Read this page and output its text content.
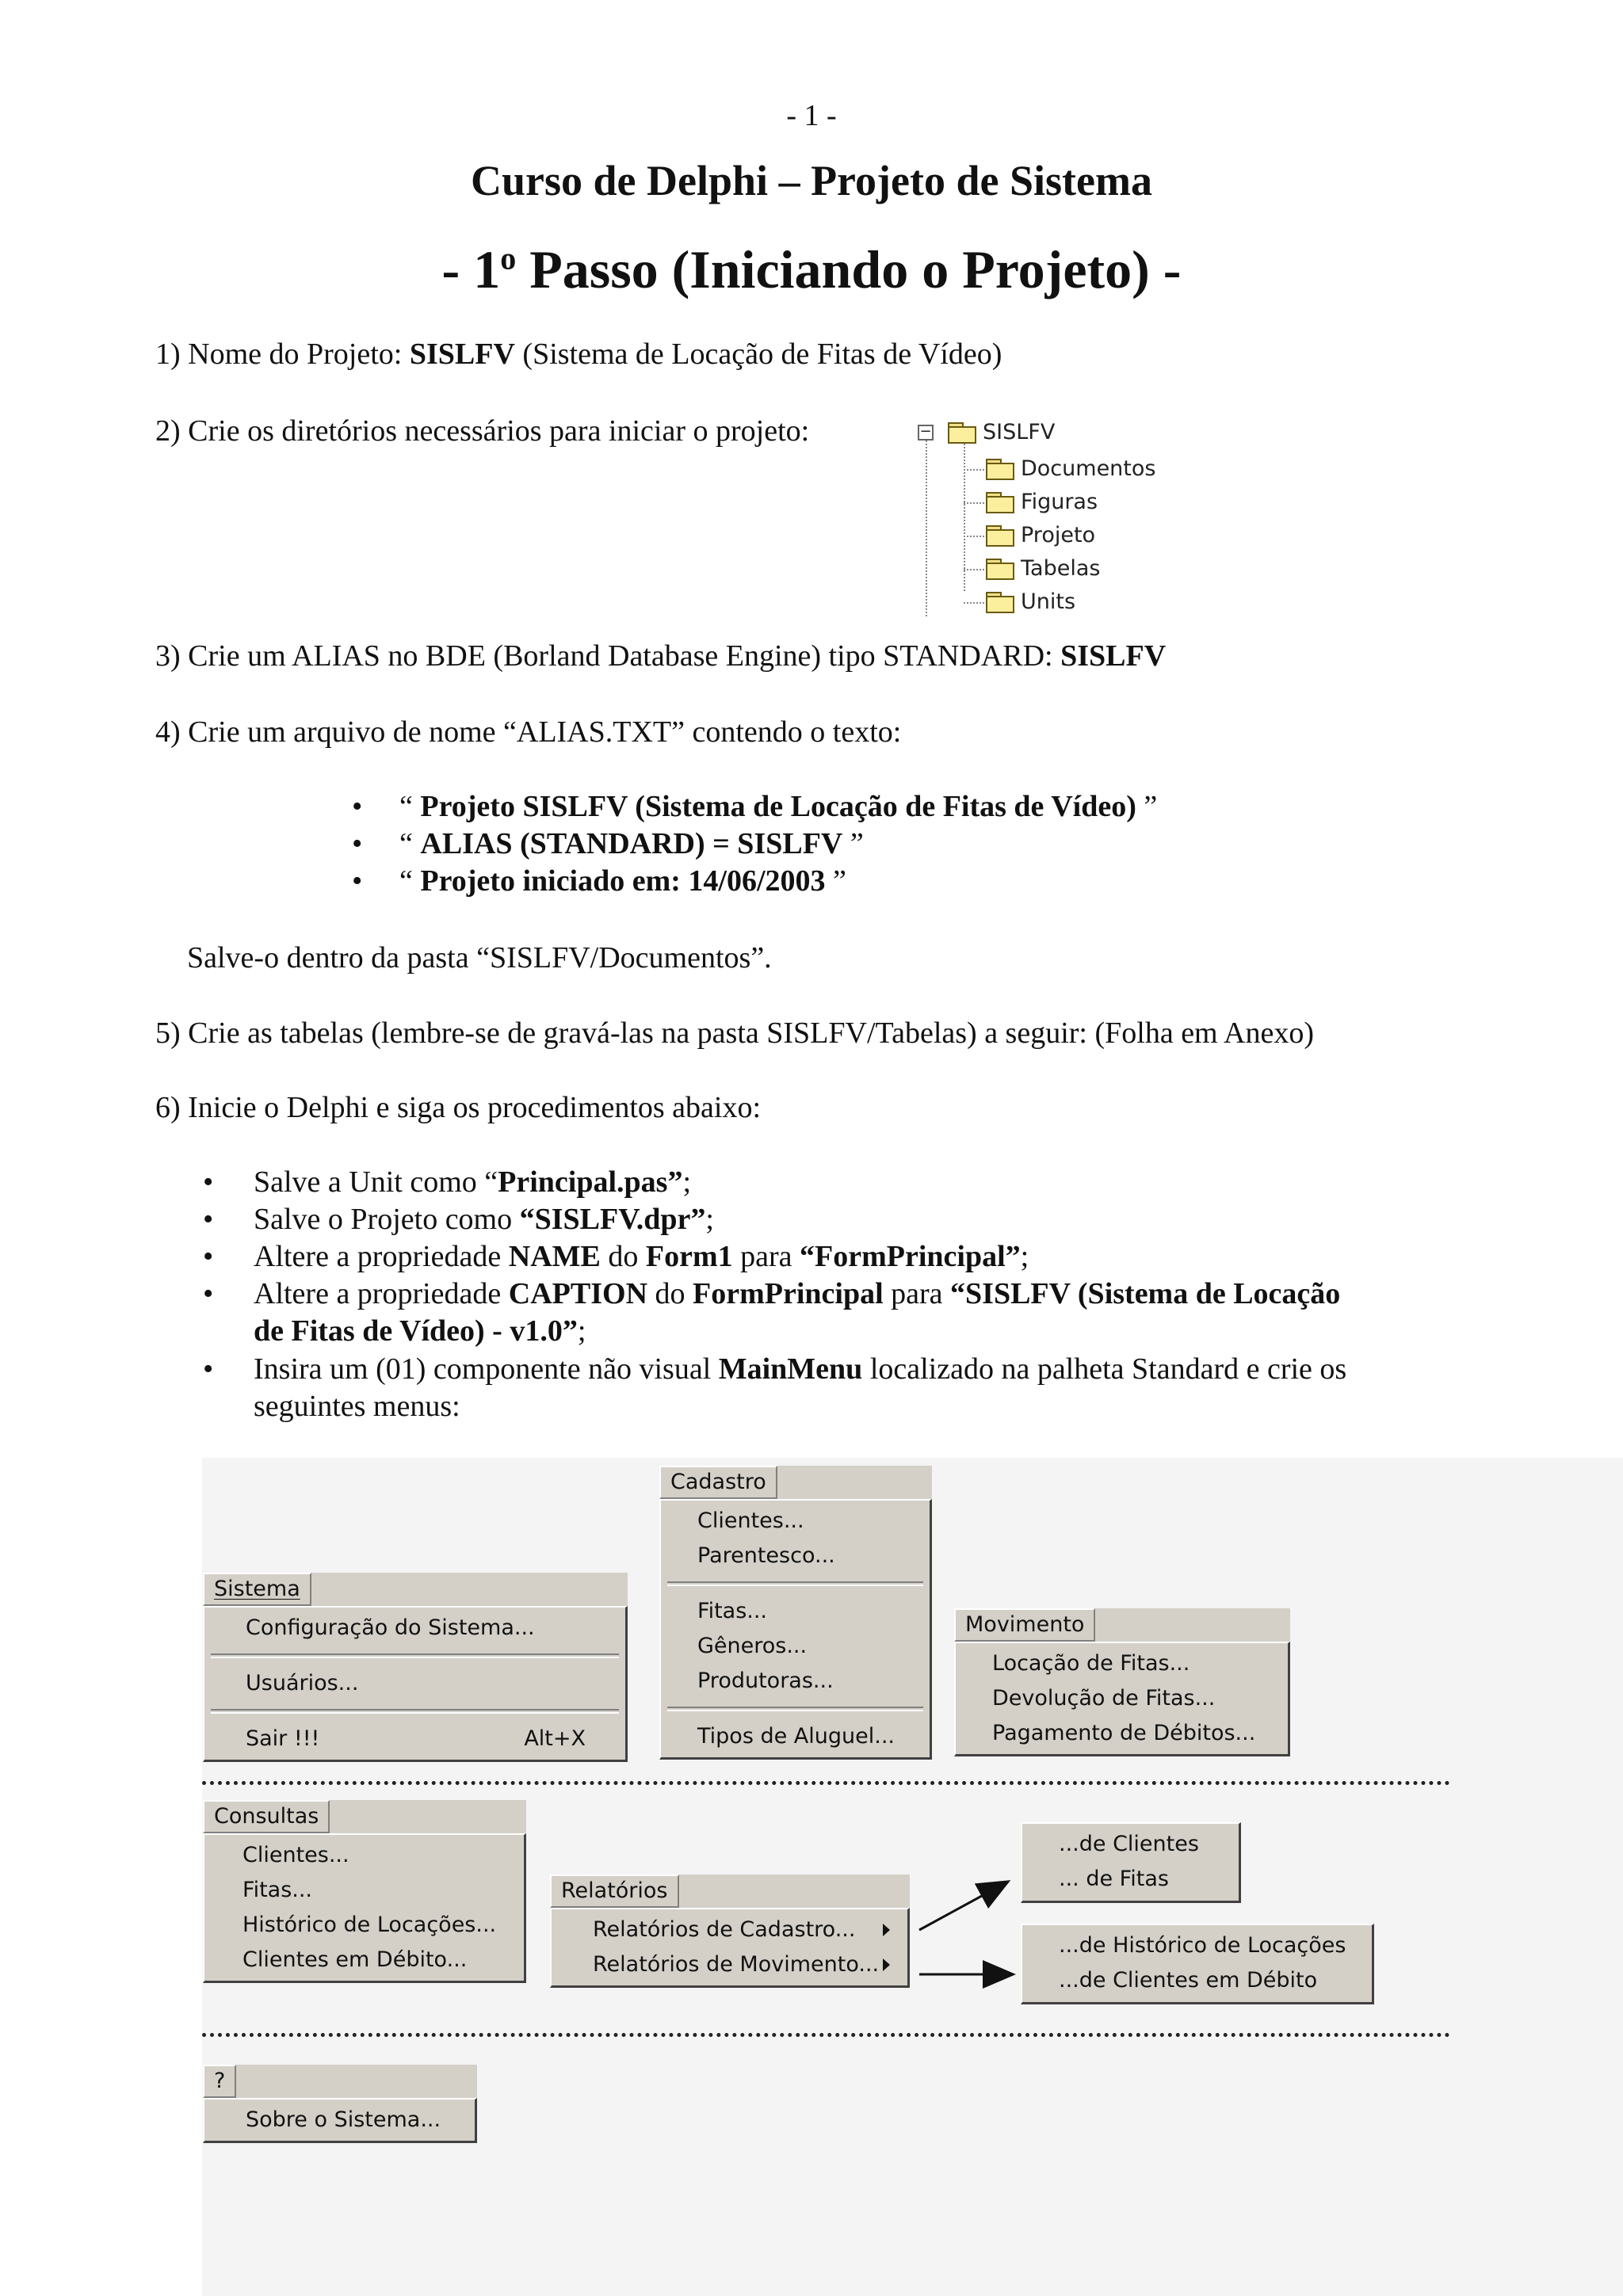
- 1 -
Curso de Delphi – Projeto de Sistema
- 1$^o$ Passo (Iniciando o Projeto) -
1) Nome do Projeto: SISLFV (Sistema de Locação de Fitas de Vídeo)
2) Crie os diretórios necessários para iniciar o projeto:	− SISLFV
Documentos
Figuras
Projeto
Tabelas
Units
3) Crie um ALIAS no BDE (Borland Database Engine) tipo STANDARD: SISLFV
4) Crie um arquivo de nome “ALIAS.TXT” contendo o texto:
• “ Projeto SISLFV (Sistema de Locação de Fitas de Vídeo) ”
• “ ALIAS (STANDARD) = SISLFV ”
• “ Projeto iniciado em: 14/06/2003 ”
Salve-o dentro da pasta “SISLFV/Documentos”.
5) Crie as tabelas (lembre-se de gravá-las na pasta SISLFV/Tabelas) a seguir: (Folha em Anexo)
6) Inicie o Delphi e siga os procedimentos abaixo:
• Salve a Unit como “Principal.pas”;
• Salve o Projeto como “SISLFV.dpr”;
• Altere a propriedade NAME do Form1 para “FormPrincipal”;
• Altere a propriedade CAPTION do FormPrincipal para “SISLFV (Sistema de Locação
de Fitas de Vídeo) - v1.0”;
• Insira um (01) componente não visual MainMenu localizado na palheta Standard e crie os
seguintes menus:
Sistema
Configuração do Sistema...
Usuários...
Sair !!!	Alt+X
Cadastro
Clientes...
Parentesco...
Fitas...
Gêneros...
Produtoras...
Tipos de Aluguel...
Movimento
Locação de Fitas...
Devolução de Fitas...
Pagamento de Débitos...
Consultas
Clientes...
Fitas...
Histórico de Locações...
Clientes em Débito...
Relatórios
Relatórios de Cadastro...
Relatórios de Movimento...
...de Clientes
... de Fitas
...de Histórico de Locações
...de Clientes em Débito
?
Sobre o Sistema...
